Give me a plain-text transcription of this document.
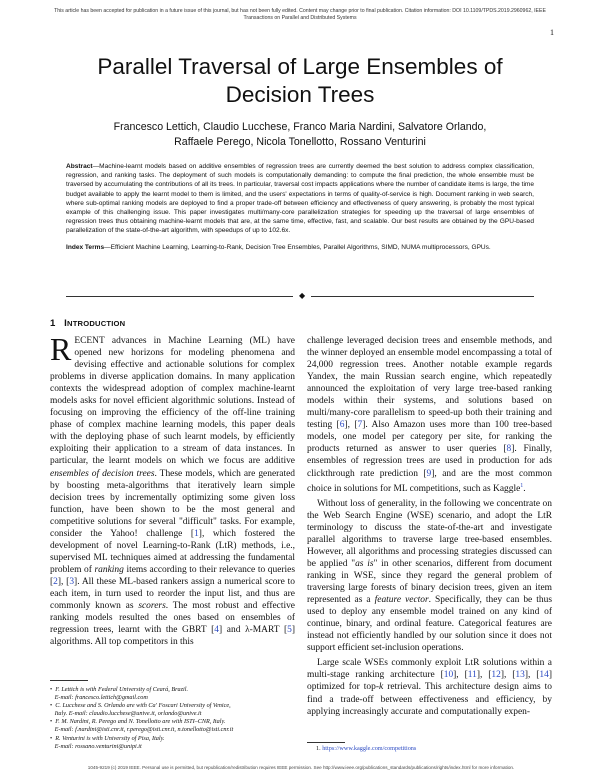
This article has been accepted for publication in a future issue of this journal, but has not been fully edited. Content may change prior to final publication. Citation information: DOI 10.1109/TPDS.2019.2960962, IEEE
Transactions on Parallel and Distributed Systems
1
Parallel Traversal of Large Ensembles of
Decision Trees
Francesco Lettich, Claudio Lucchese, Franco Maria Nardini, Salvatore Orlando,
Raffaele Perego, Nicola Tonellotto, Rossano Venturini
Abstract—Machine-learnt models based on additive ensembles of regression trees are currently deemed the best solution to address complex classification, regression, and ranking tasks. The deployment of such models is computationally demanding: to compute the final prediction, the whole ensemble must be traversed by accumulating the contributions of all its trees. In particular, traversal cost impacts applications where the number of candidate items is large, the time budget available to apply the learnt model to them is limited, and the users' expectations in terms of quality-of-service is high. Document ranking in web search, where sub-optimal ranking models are deployed to find a proper trade-off between efficiency and effectiveness of query answering, is probably the most typical example of this challenging issue. This paper investigates multi/many-core parallelization strategies for speeding up the traversal of large ensembles of regression trees thus obtaining machine-learnt models that are, at the same time, effective, fast, and scalable. Our best results are obtained by the GPU-based parallelization of the state-of-the-art algorithm, with speedups of up to 102.6x.
Index Terms—Efficient Machine Learning, Learning-to-Rank, Decision Tree Ensembles, Parallel Algorithms, SIMD, NUMA multiprocessors, GPUs.
◆
1 INTRODUCTION

RECENT advances in Machine Learning (ML) have opened new horizons for modeling phenomena and devising effective and actionable solutions for complex problems in diverse application domains. In many application contexts the widespread adoption of complex machine-learnt models asks for novel efficient algorithmic solutions. Instead of focusing on improving the efficiency of the off-line training phase of complex machine learning models, this paper deals with the deploying phase of such learnt models, by efficiently exploiting their application to a stream of data instances. In particular, the learnt models on which we focus are additive ensembles of decision trees. These models, which are generated by boosting meta-algorithms that iteratively learn simple decision trees by incrementally optimizing some given loss function, have been shown to be the most general and competitive solutions for several "difficult" tasks. For example, consider the Yahoo! challenge [1], which fostered the development of novel Learning-to-Rank (LtR) methods, i.e., supervised ML techniques aimed at addressing the fundamental problem of ranking items according to their relevance to queries [2], [3]. All these ML-based rankers assign a numerical score to each item, in turn used to reorder the input list, and thus are commonly known as scorers. The most robust and effective ranking models resulted the ones based on ensembles of regression trees, learnt with the GBRT [4] and λ-MART [5] algorithms. All top competitors in this

•  F. Lettich is with Federal University of Ceará, Brazil.
E-mail: francesco.lettich@gmail.com
•  C. Lucchese and S. Orlando are with Ca' Foscari University of Venice,
Italy. E-mail: claudio.lucchese@unive.it, orlando@unive.it
•  F. M. Nardini, R. Perego and N. Tonellotto are with ISTI–CNR, Italy.
E-mail: f.nardini@isti.cnr.it, r.perego@isti.cnr.it, n.tonellotto@isti.cnr.it
•  R. Venturini is with University of Pisa, Italy.
E-mail: rossano.venturini@unipi.it

challenge leveraged decision trees and ensemble methods, and the winner deployed an ensemble model encompassing a total of 24,000 regression trees. Another notable example regards Yandex, the main Russian search engine, which repeatedly announced the exploitation of very large tree-based ranking models within their systems, and solutions based on multi/many-core parallelism to speed-up both their training and testing [6], [7]. Also Amazon uses more than 100 tree-based models, one model per category per site, for ranking the products returned as answer to user queries [8]. Finally, ensembles of regression trees are used in production for ads clickthrough rate prediction [9], and are the most common choice in solutions for ML competitions, such as Kaggle$^1$.

Without loss of generality, in the following we concentrate on the Web Search Engine (WSE) scenario, and adopt the LtR terminology to discuss the state-of-the-art and investigate parallel algorithms to traverse large tree-based ensembles. However, all algorithms and processing strategies discussed can be applied "as is" in other scenarios, different from document ranking in WSE, since they regard the general problem of traversing large forests of binary decision trees, given an item represented as a feature vector. Specifically, they can be thus used to deploy any ensemble model trained on any kind of continue, binary, and ordinal feature. Categorical features are instead not efficiently handled by our solution since it does not support efficient set-inclusion operations.

Large scale WSEs commonly exploit LtR solutions within a multi-stage ranking architecture [10], [11], [12], [13], [14] optimized for top-k retrieval. This architecture design aims to find a trade-off between effectiveness and efficiency, by applying increasingly accurate and computationally expen-

1. https://www.kaggle.com/competitions
1045-9219 (c) 2019 IEEE. Personal use is permitted, but republication/redistribution requires IEEE permission. See http://www.ieee.org/publications_standards/publications/rights/index.html for more information.
